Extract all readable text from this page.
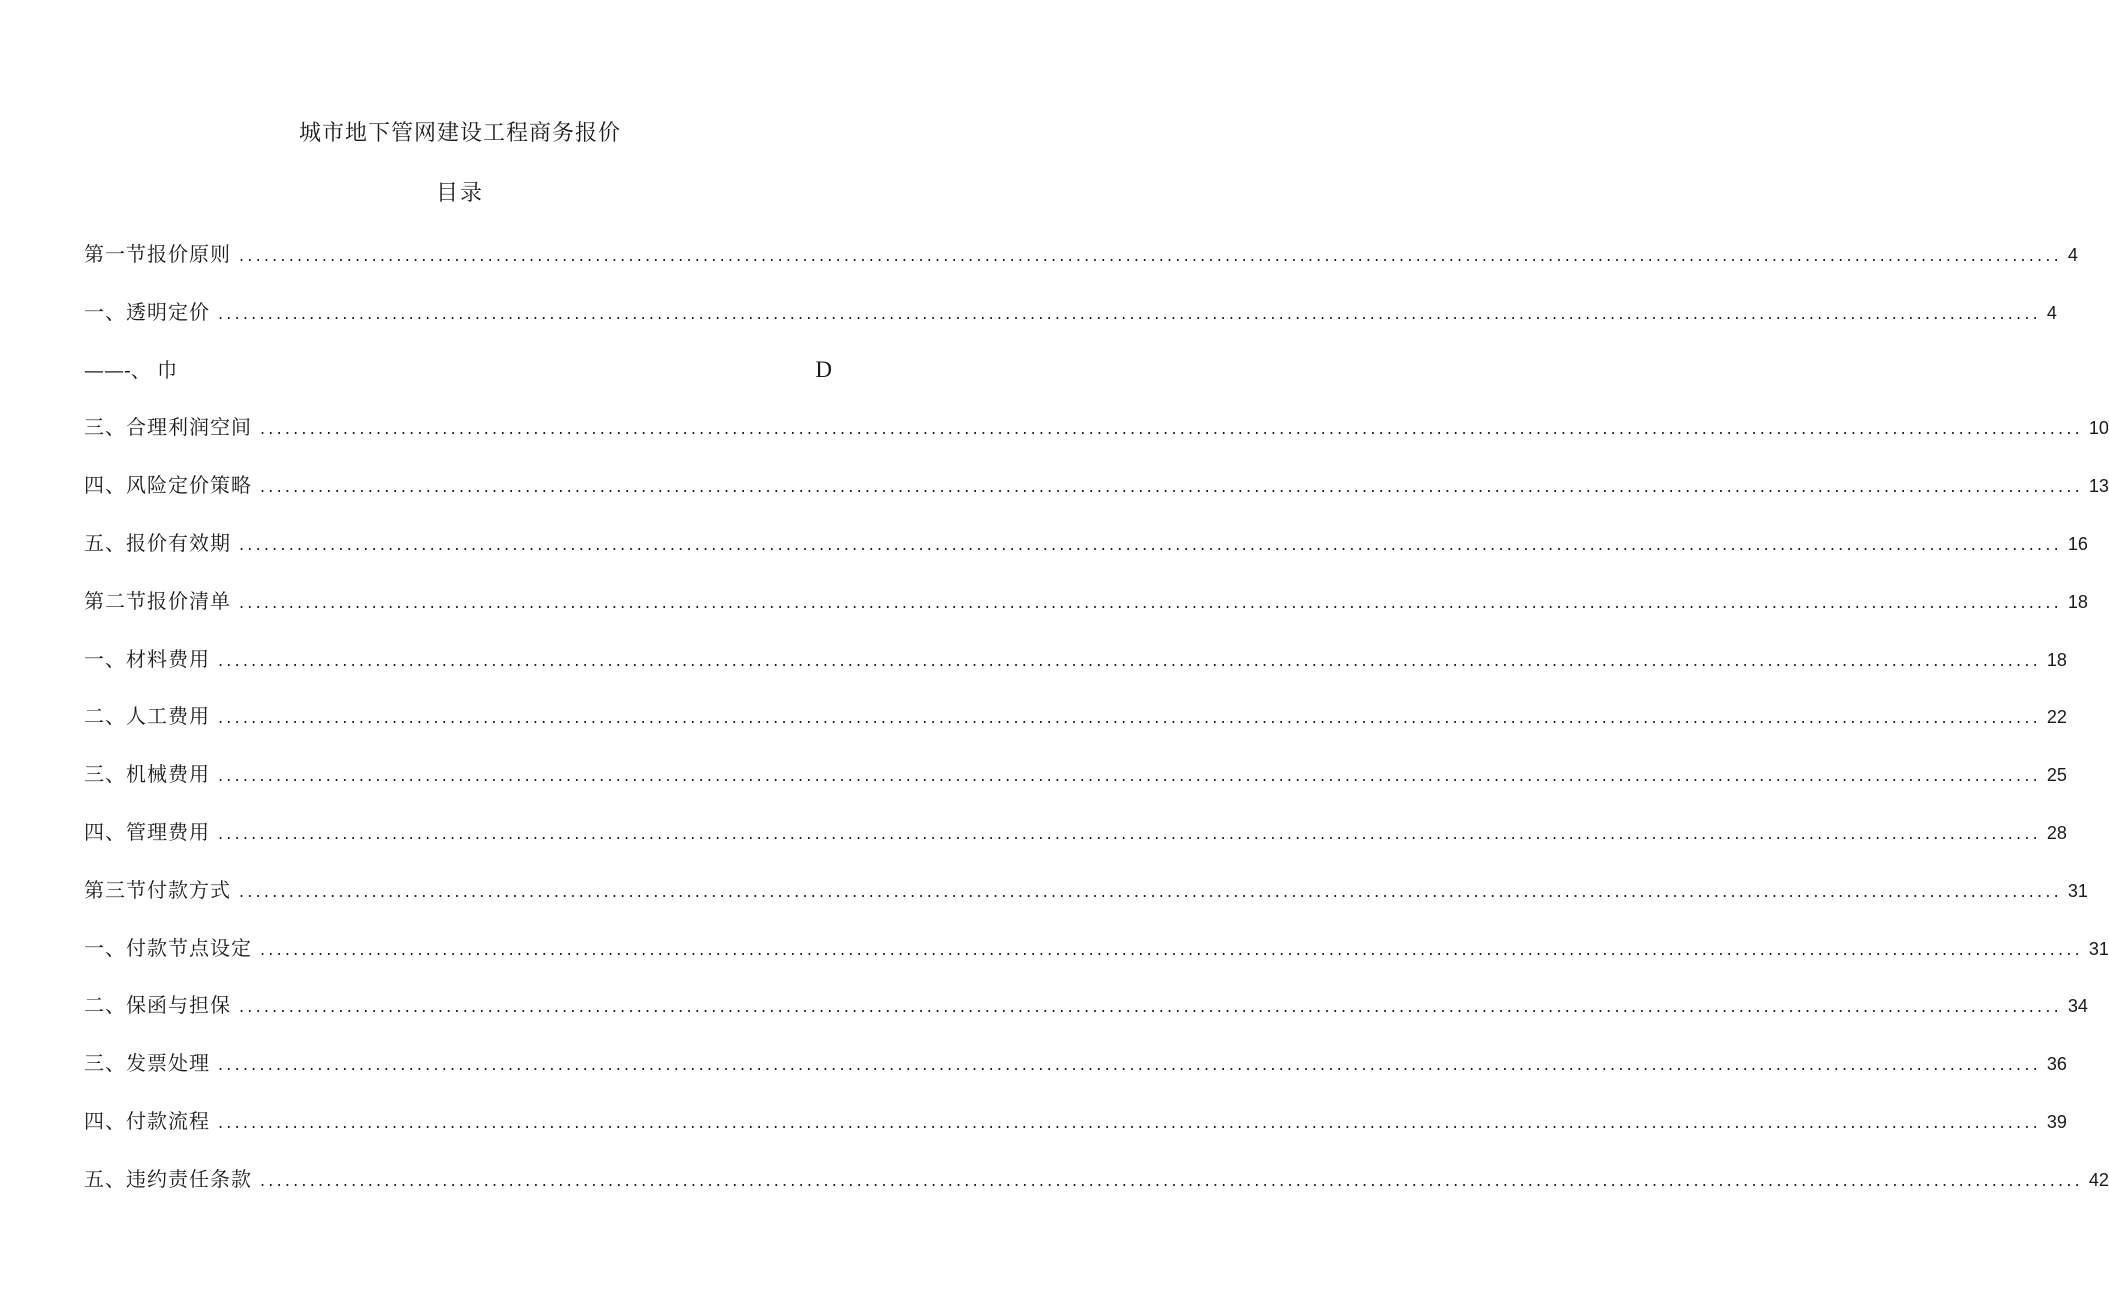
城市地下管网建设工程商务报价
目录
第一节报价原则 ............................................................................................................................................................................................................................ 4
一、透明定价 ............................................................................................................................................................................................................................ 4
——-、 巾	D
三、合理利润空间 ............................................................................................................................................................................................................................ 10
四、风险定价策略 ............................................................................................................................................................................................................................ 13
五、报价有效期 ............................................................................................................................................................................................................................ 16
第二节报价清单 ............................................................................................................................................................................................................................ 18
一、材料费用 ............................................................................................................................................................................................................................ 18
二、人工费用 ............................................................................................................................................................................................................................ 22
三、机械费用 ............................................................................................................................................................................................................................ 25
四、管理费用 ............................................................................................................................................................................................................................ 28
第三节付款方式 ............................................................................................................................................................................................................................ 31
一、付款节点设定 ............................................................................................................................................................................................................................ 31
二、保函与担保 ............................................................................................................................................................................................................................ 34
三、发票处理 ............................................................................................................................................................................................................................ 36
四、付款流程 ............................................................................................................................................................................................................................ 39
五、违约责任条款 ............................................................................................................................................................................................................................ 42
